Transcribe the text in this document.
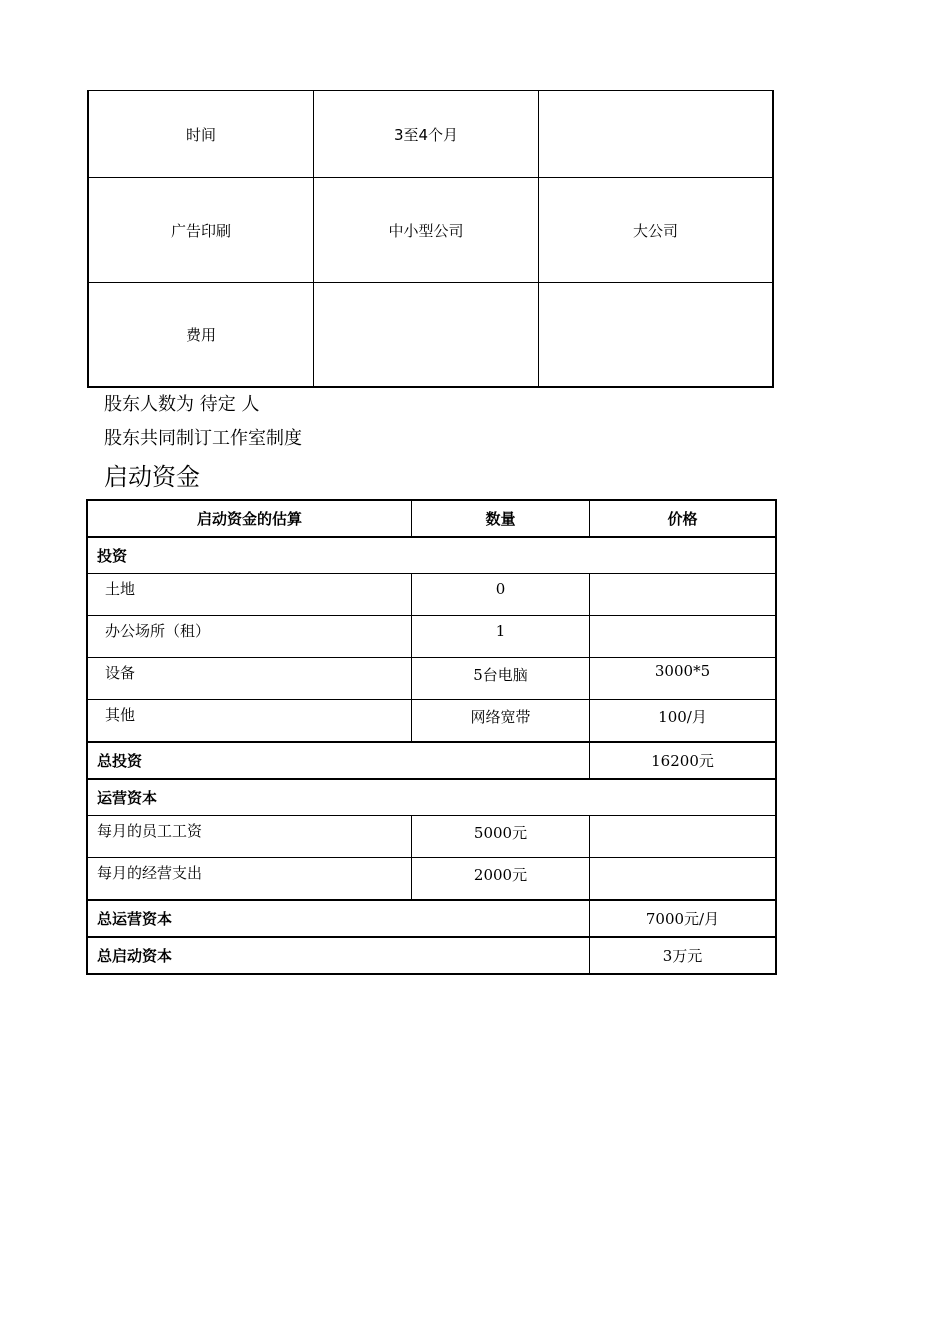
时间	3至4个月	
广告印刷	中小型公司	大公司
费用		
股东人数为 待定 人
股东共同制订工作室制度
启动资金
启动资金的估算	数量	价格
投资		
土地	0	
办公场所（租）	1	
设备	5台电脑	3000*5
其他	网络宽带	100/月
总投资		16200元
运营资本		
每月的员工工资	5000元	
每月的经营支出	2000元	
总运营资本		7000元/月
总启动资本		3万元
